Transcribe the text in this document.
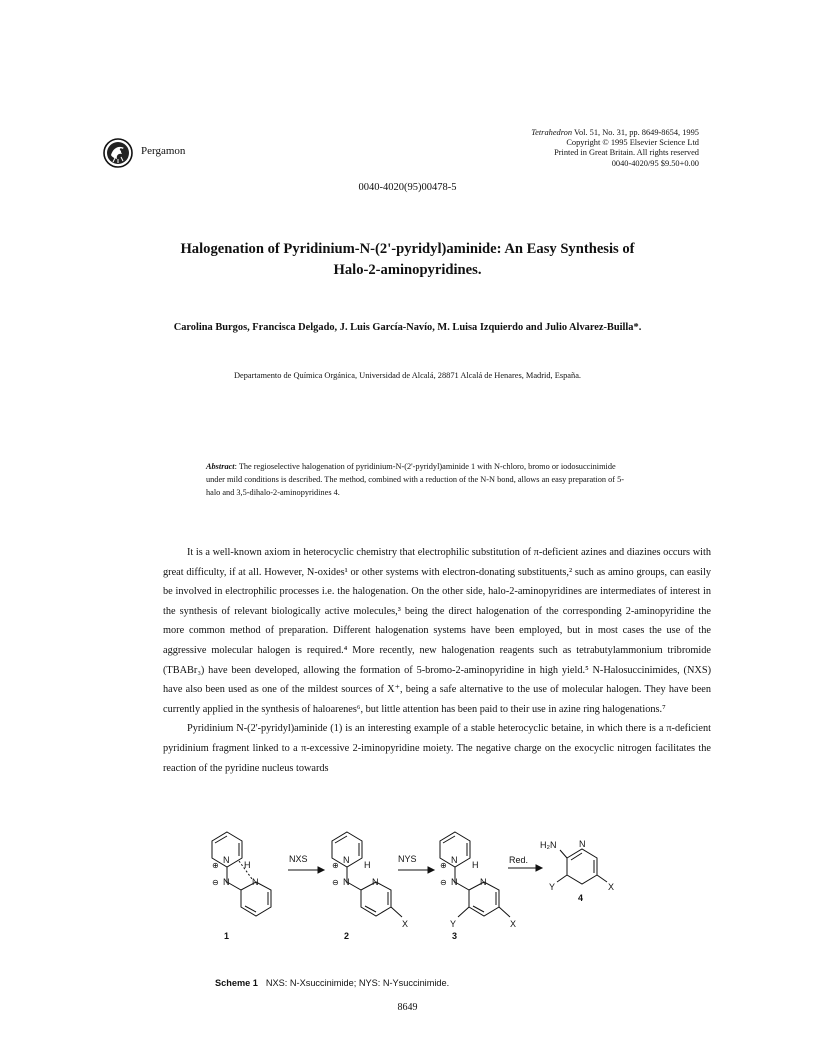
Pergamon
Tetrahedron Vol. 51, No. 31, pp. 8649-8654, 1995
Copyright © 1995 Elsevier Science Ltd
Printed in Great Britain. All rights reserved
0040-4020/95 $9.50+0.00
0040-4020(95)00478-5
Halogenation of Pyridinium-N-(2'-pyridyl)aminide: An Easy Synthesis of
Halo-2-aminopyridines.
Carolina Burgos, Francisca Delgado, J. Luis García-Navío, M. Luisa Izquierdo and Julio Alvarez-Builla*.
Departamento de Química Orgánica, Universidad de Alcalá, 28871 Alcalá de Henares, Madrid, España.
Abstract: The regioselective halogenation of pyridinium-N-(2'-pyridyl)aminide 1 with N-chloro, bromo or iodosuccinimide under mild conditions is described. The method, combined with a reduction of the N-N bond, allows an easy preparation of 5-halo and 3,5-dihalo-2-aminopyridines 4.

It is a well-known axiom in heterocyclic chemistry that electrophilic substitution of π-deficient azines and diazines occurs with great difficulty, if at all. However, N-oxides¹ or other systems with electron-donating substituents,² such as amino groups, can easily be involved in electrophilic processes i.e. the halogenation. On the other side, halo-2-aminopyridines are intermediates of interest in the synthesis of relevant biologically active molecules,³ being the direct halogenation of the corresponding 2-aminopyridine the more common method of preparation. Different halogenation systems have been employed, but in most cases the use of the aggressive molecular halogen is required.⁴ More recently, new halogenation reagents such as tetrabutylammonium tribromide (TBABr₃) have been developed, allowing the formation of 5-bromo-2-aminopyridine in high yield.⁵ N-Halosuccinimides, (NXS) have also been used as one of the mildest sources of X⁺, being a safe alternative to the use of molecular halogen. They have been currently applied in the synthesis of haloarenes⁶, but little attention has been paid to their use in azine ring halogenations.⁷

Pyridinium N-(2'-pyridyl)aminide (1) is an interesting example of a stable heterocyclic betaine, in which there is a π-deficient pyridinium fragment linked to a π-excessive 2-iminopyridine moiety. The negative charge on the exocyclic nitrogen facilitates the reaction of the pyridine nucleus towards

N
N	N
H
⊕
⊖
NXS	N
N	N
H
⊕
⊖
X
NYS	N
N	N
H
⊕
⊖
X
Y
Red.
H₂N	N
Y	X
1	2	3
4
Scheme 1 NXS: N-Xsuccinimide; NYS: N-Ysuccinimide.
8649
